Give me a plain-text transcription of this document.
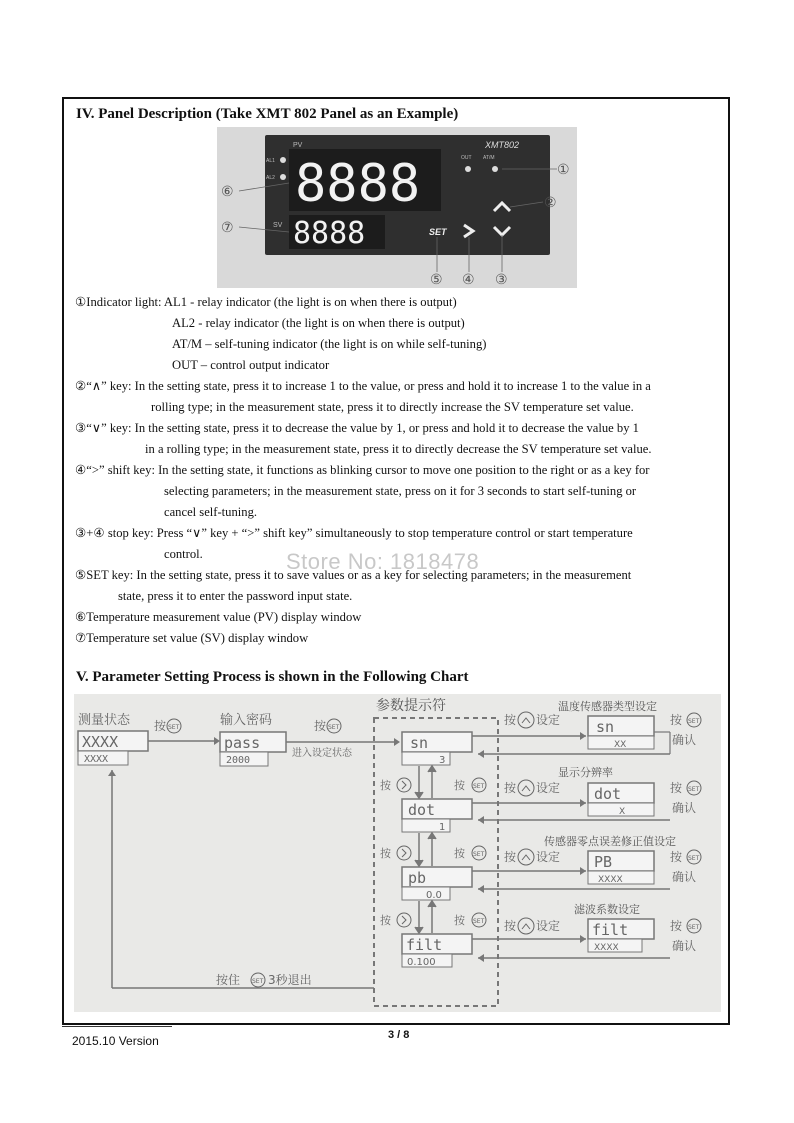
IV. Panel Description (Take XMT 802 Panel as an Example)
PV
SV
XMT802
AL1
AL2 8888
8888
OUT AT/M
SET
①
②
③
④
⑤
⑥
⑦
①Indicator light: AL1 - relay indicator (the light is on when there is output)
AL2 - relay indicator (the light is on when there is output)
AT/M – self-tuning indicator (the light is on while self-tuning)
OUT – control output indicator
②“∧” key: In the setting state, press it to increase 1 to the value, or press and hold it to increase 1 to the value in a
rolling type; in the measurement state, press it to directly increase the SV temperature set value.
③“∨” key: In the setting state, press it to decrease the value by 1, or press and hold it to decrease the value by 1
in a rolling type; in the measurement state, press it to directly decrease the SV temperature set value.
④“>” shift key: In the setting state, it functions as blinking cursor to move one position to the right or as a key for
selecting parameters; in the measurement state, press on it for 3 seconds to start self-tuning or
cancel self-tuning.
③+④ stop key: Press “∨” key + “>” shift key” simultaneously to stop temperature control or start temperature
control.
⑤SET key: In the setting state, press it to save values or as a key for selecting parameters; in the measurement
state, press it to enter the password input state.
⑥Temperature measurement value (PV) display window
⑦Temperature set value (SV) display window
Store No: 1818478
V. Parameter Setting Process is shown in the Following Chart
参数提示符
测量状态
XXXX
XXXX
按 SET	输入密码
pass
2000
按 SET
进入设定状态
sn
3
dot
1
pb
0.0
filt
0.100
按
按
按
按 SET
按 SET
按 SET
温度传感器类型设定
按 设定 sn
XX
按 SET
确认
显示分辨率
按 设定 dot
X
按 SET
确认
传感器零点误差修正值设定
按 设定 PB
XXXX
按 SET
确认
滤波系数设定
按 设定 filt
XXXX
按 SET
确认
按住 SET 3秒退出
2015.10 Version	3 / 8
